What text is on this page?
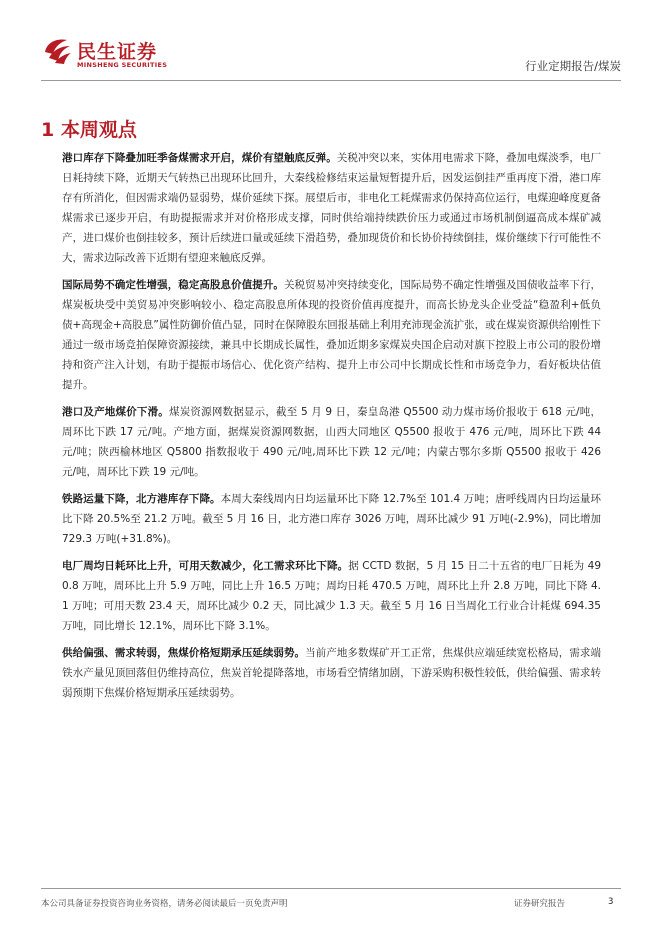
民生证券
MINSHENG SECURITIES	行业定期报告/煤炭
1 本周观点

港口库存下降叠加旺季备煤需求开启，煤价有望触底反弹。关税冲突以来，实体用电需求下降，叠加电煤淡季，电厂日耗持续下降，近期天气转热已出现环比回升，大秦线检修结束运量短暂提升后，因发运倒挂严重再度下滑，港口库存有所消化，但因需求端仍显弱势，煤价延续下探。展望后市，非电化工耗煤需求仍保持高位运行，电煤迎峰度夏备煤需求已逐步开启，有助提振需求并对价格形成支撑，同时供给端持续跌价压力或通过市场机制倒逼高成本煤矿减产，进口煤价也倒挂较多，预计后续进口量或延续下滑趋势，叠加现货价和长协价持续倒挂，煤价继续下行可能性不大，需求边际改善下近期有望迎来触底反弹。

国际局势不确定性增强，稳定高股息价值提升。关税贸易冲突持续变化，国际局势不确定性增强及国债收益率下行，煤炭板块受中美贸易冲突影响较小、稳定高股息所体现的投资价值再度提升，而高长协龙头企业受益“稳盈利+低负债+高现金+高股息”属性防御价值凸显，同时在保障股东回报基础上利用充沛现金流扩张，或在煤炭资源供给刚性下通过一级市场竞拍保障资源接续，兼具中长期成长属性，叠加近期多家煤炭央国企启动对旗下控股上市公司的股份增持和资产注入计划，有助于提振市场信心、优化资产结构、提升上市公司中长期成长性和市场竞争力，看好板块估值提升。

港口及产地煤价下滑。煤炭资源网数据显示，截至 5 月 9 日，秦皇岛港 Q5500 动力煤市场价报收于 618 元/吨，周环比下跌 17 元/吨。产地方面，据煤炭资源网数据，山西大同地区 Q5500 报收于 476 元/吨，周环比下跌 44 元/吨；陕西榆林地区 Q5800 指数报收于 490 元/吨,周环比下跌 12 元/吨；内蒙古鄂尔多斯 Q5500 报收于 426 元/吨，周环比下跌 19 元/吨。

铁路运量下降，北方港库存下降。本周大秦线周内日均运量环比下降 12.7%至 101.4 万吨；唐呼线周内日均运量环比下降 20.5%至 21.2 万吨。截至 5 月 16 日，北方港口库存 3026 万吨，周环比减少 91 万吨(-2.9%)，同比增加 729.3 万吨(+31.8%)。

电厂周均日耗环比上升，可用天数减少，化工需求环比下降。据 CCTD 数据，5 月 15 日二十五省的电厂日耗为 490.8 万吨，周环比上升 5.9 万吨，同比上升 16.5 万吨；周均日耗 470.5 万吨，周环比上升 2.8 万吨，同比下降 4.1 万吨；可用天数 23.4 天，周环比减少 0.2 天，同比减少 1.3 天。截至 5 月 16 日当周化工行业合计耗煤 694.35 万吨，同比增长 12.1%，周环比下降 3.1%。

供给偏强、需求转弱，焦煤价格短期承压延续弱势。当前产地多数煤矿开工正常，焦煤供应端延续宽松格局，需求端铁水产量见顶回落但仍维持高位，焦炭首轮提降落地，市场看空情绪加剧，下游采购积极性较低，供给偏强、需求转弱预期下焦煤价格短期承压延续弱势。

本公司具备证券投资咨询业务资格，请务必阅读最后一页免责声明	证券研究报告	3
